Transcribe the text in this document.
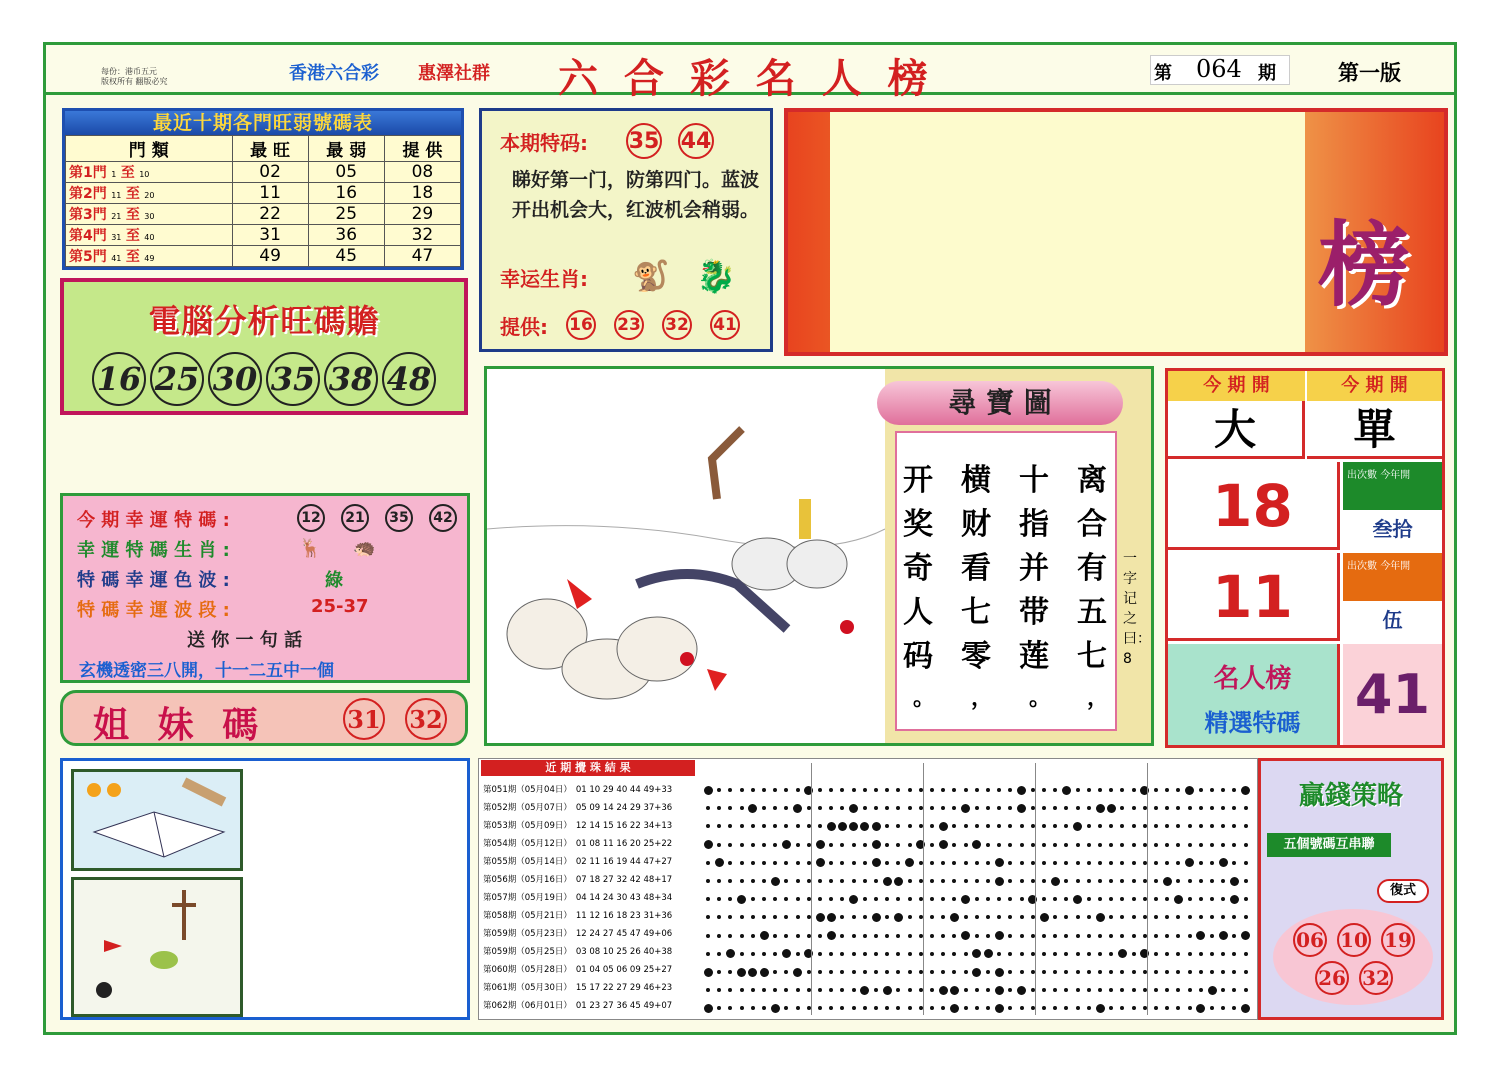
每份：港币五元
版权所有 翻版必究	香港六合彩 惠澤社群 六 合 彩 名 人 榜	第 064 期	第一版
最近十期各門旺弱號碼表
門 類	最 旺	最 弱	提 供
第1門 1 至 10	02	05	08
第2門 11 至 20	11	16	18
第3門 21 至 30	22	25	29
第4門 31 至 40	31	36	32
第5門 41 至 49	49	45	47
電腦分析旺碼贍
16 25 30 35 38 48
本期特码: 35 44
睇好第一门，防第四门。蓝波开出机会大，红波机会稍弱。
幸运生肖: 🐒 🐉
提供: 16 23 32 41
榜
今 期 幸 運 特 碼 :	12	21	35	42
幸 運 特 碼 生 肖 :	🦌 🦔
特 碼 幸 運 色 波 :	綠
特 碼 幸 運 波 段 :	25-37
送 你 一 句 話
玄機透密三八開，十一二五中一個
姐 妹 碼	31 32
尋 寶 圖
离合有五七
十指并带莲
横财看七零
开奖奇人码
，
。
，
。
一字记之曰：8
今 期 開	今 期 開
大	單
18	出次數 今年開
叁拾
11	出次數 今年開
伍
名人榜
精選特碼	41
近 期 攪 珠 結 果
第051期（05月04日） 01 10 29 40 44 49+33
第052期（05月07日） 05 09 14 24 29 37+36
第053期（05月09日） 12 14 15 16 22 34+13
第054期（05月12日） 01 08 11 16 20 25+22
第055期（05月14日） 02 11 16 19 44 47+27
第056期（05月16日） 07 18 27 32 42 48+17
第057期（05月19日） 04 14 24 30 43 48+34
第058期（05月21日） 11 12 16 18 23 31+36
第059期（05月23日） 12 24 27 45 47 49+06
第059期（05月25日） 03 08 10 25 26 40+38
第060期（05月28日） 01 04 05 06 09 25+27
第061期（05月30日） 15 17 22 27 29 46+23
第062期（06月01日） 01 23 27 36 45 49+07
贏錢策略
五個號碼互串聯
復式
06 10 19
26 32
